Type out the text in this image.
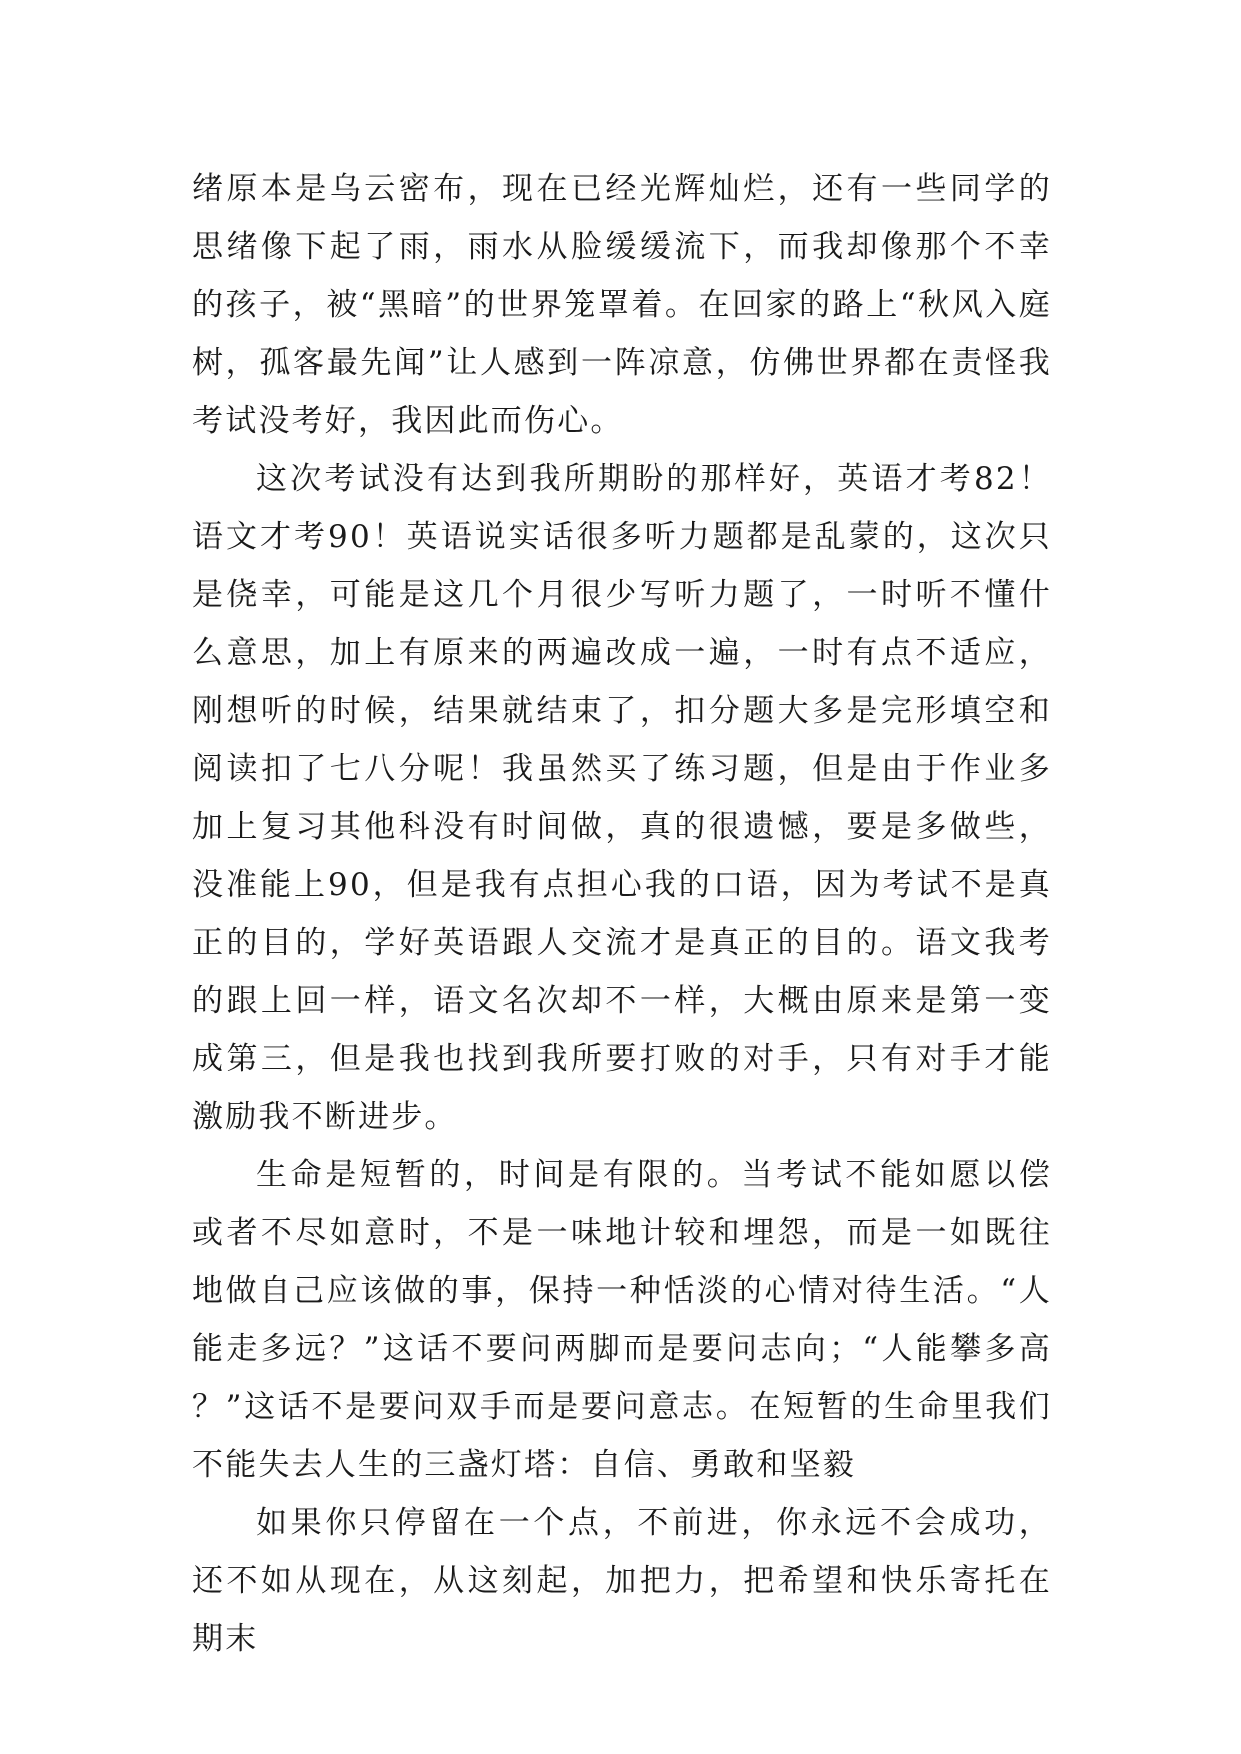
绪原本是乌云密布，现在已经光辉灿烂，还有一些同学的思绪像下起了雨，雨水从脸缓缓流下，而我却像那个不幸的孩子，被“黑暗”的世界笼罩着。在回家的路上“秋风入庭树，孤客最先闻”让人感到一阵凉意，仿佛世界都在责怪我考试没考好，我因此而伤心。

这次考试没有达到我所期盼的那样好，英语才考82！语文才考90！英语说实话很多听力题都是乱蒙的，这次只是侥幸，可能是这几个月很少写听力题了，一时听不懂什么意思，加上有原来的两遍改成一遍，一时有点不适应，刚想听的时候，结果就结束了，扣分题大多是完形填空和阅读扣了七八分呢！我虽然买了练习题，但是由于作业多加上复习其他科没有时间做，真的很遗憾，要是多做些，没准能上90，但是我有点担心我的口语，因为考试不是真正的目的，学好英语跟人交流才是真正的目的。语文我考的跟上回一样，语文名次却不一样，大概由原来是第一变成第三，但是我也找到我所要打败的对手，只有对手才能激励我不断进步。

生命是短暂的，时间是有限的。当考试不能如愿以偿或者不尽如意时，不是一味地计较和埋怨，而是一如既往地做自己应该做的事，保持一种恬淡的心情对待生活。“人能走多远？”这话不要问两脚而是要问志向；“人能攀多高？”这话不是要问双手而是要问意志。在短暂的生命里我们不能失去人生的三盏灯塔：自信、勇敢和坚毅

如果你只停留在一个点，不前进，你永远不会成功，还不如从现在，从这刻起，加把力，把希望和快乐寄托在期末
